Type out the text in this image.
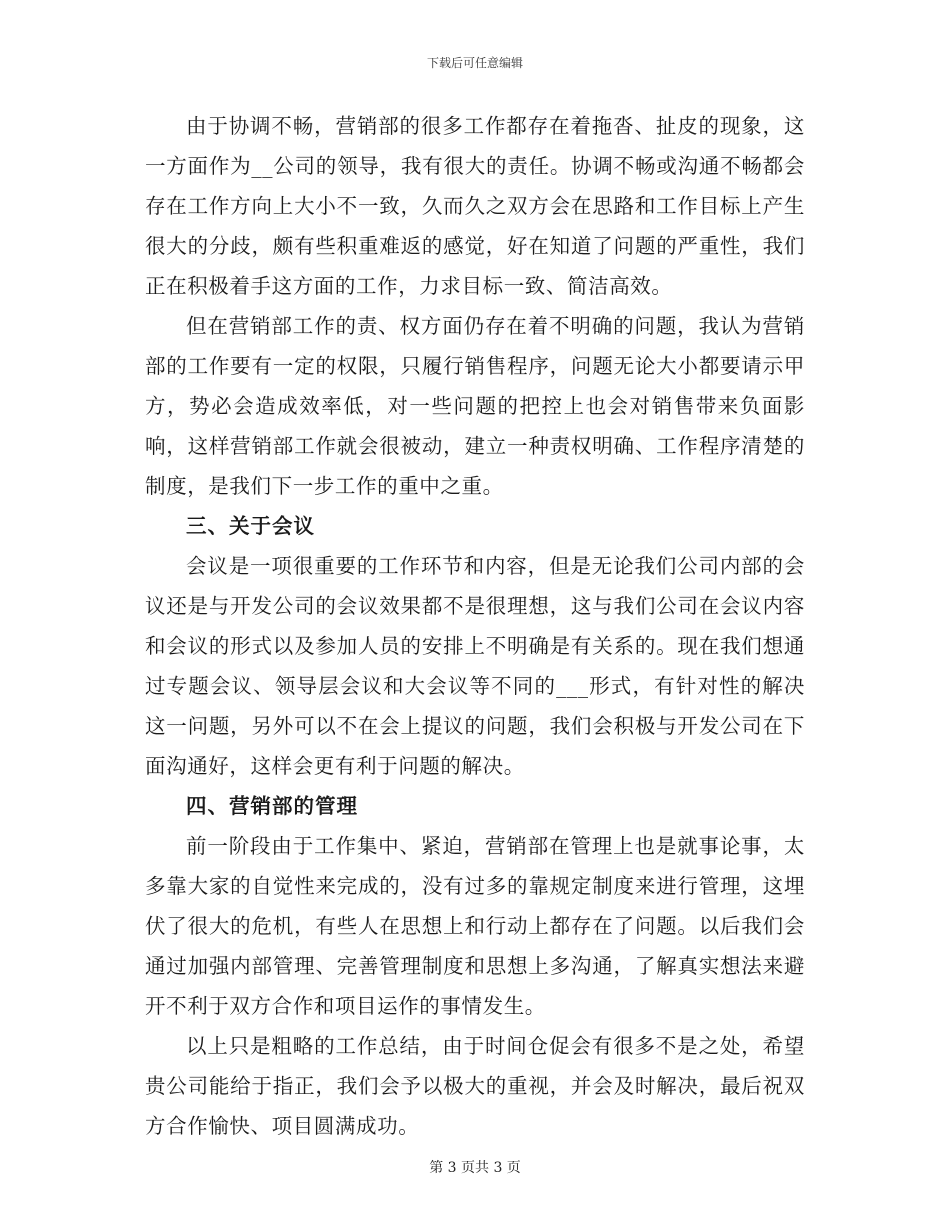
下载后可任意编辑

由于协调不畅，营销部的很多工作都存在着拖沓、扯皮的现象，这一方面作为__公司的领导，我有很大的责任。协调不畅或沟通不畅都会存在工作方向上大小不一致，久而久之双方会在思路和工作目标上产生很大的分歧，颇有些积重难返的感觉，好在知道了问题的严重性，我们正在积极着手这方面的工作，力求目标一致、简洁高效。

但在营销部工作的责、权方面仍存在着不明确的问题，我认为营销部的工作要有一定的权限，只履行销售程序，问题无论大小都要请示甲方，势必会造成效率低，对一些问题的把控上也会对销售带来负面影响，这样营销部工作就会很被动，建立一种责权明确、工作程序清楚的制度，是我们下一步工作的重中之重。

三、关于会议

会议是一项很重要的工作环节和内容，但是无论我们公司内部的会议还是与开发公司的会议效果都不是很理想，这与我们公司在会议内容和会议的形式以及参加人员的安排上不明确是有关系的。现在我们想通过专题会议、领导层会议和大会议等不同的___形式，有针对性的解决这一问题，另外可以不在会上提议的问题，我们会积极与开发公司在下面沟通好，这样会更有利于问题的解决。

四、营销部的管理

前一阶段由于工作集中、紧迫，营销部在管理上也是就事论事，太多靠大家的自觉性来完成的，没有过多的靠规定制度来进行管理，这埋伏了很大的危机，有些人在思想上和行动上都存在了问题。以后我们会通过加强内部管理、完善管理制度和思想上多沟通，了解真实想法来避开不利于双方合作和项目运作的事情发生。

以上只是粗略的工作总结，由于时间仓促会有很多不是之处，希望贵公司能给于指正，我们会予以极大的重视，并会及时解决，最后祝双方合作愉快、项目圆满成功。

第 3 页共 3 页
